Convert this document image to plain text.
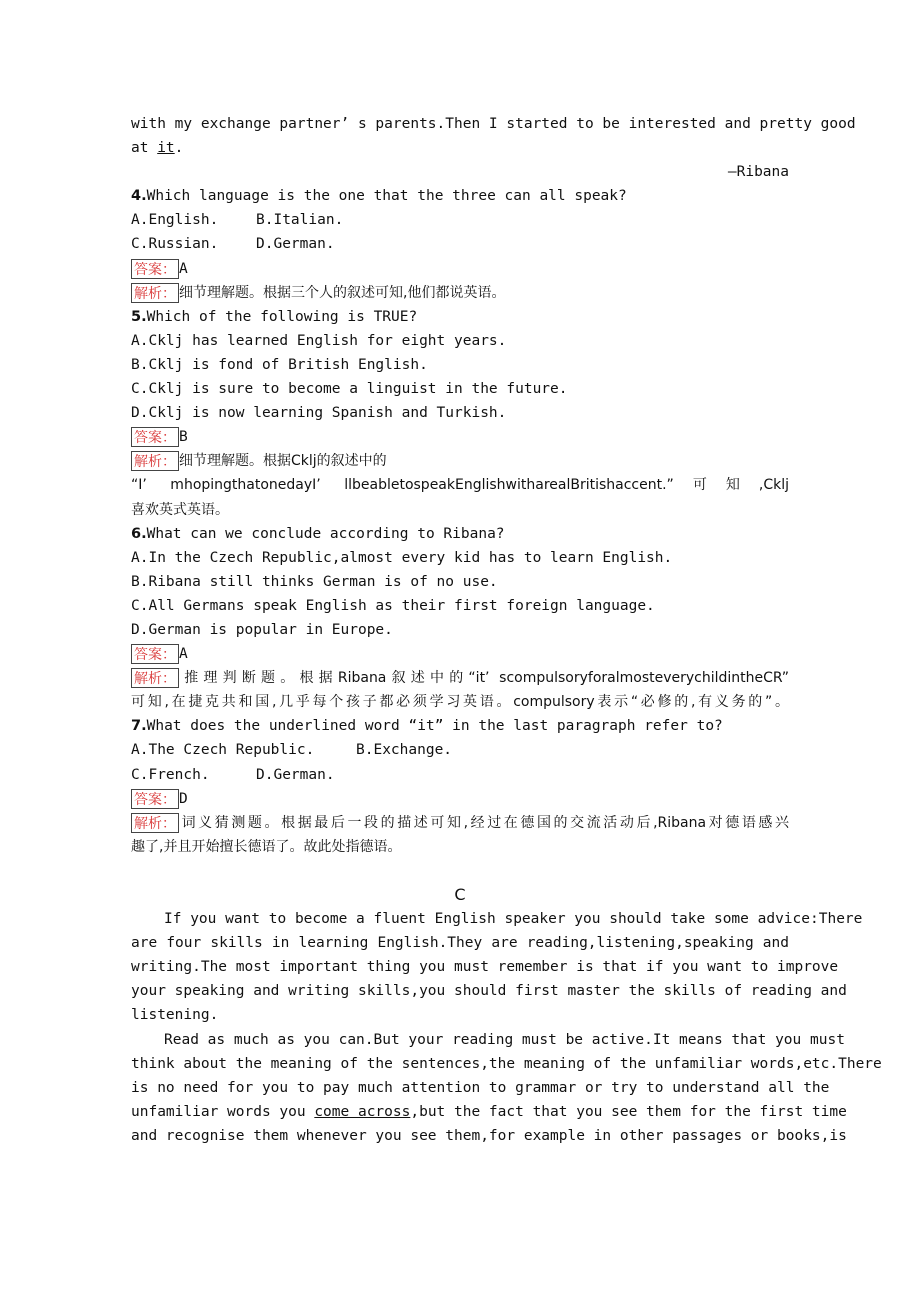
with my exchange partner’ s parents.Then I started to be interested and pretty good
at it.
—Ribana
4.Which language is the one that the three can all speak?
A.English.	B.Italian.
C.Russian.	D.German.
答案： A
解析： 细节理解题。根据三个人的叙述可知,他们都说英语。
5.Which of the following is TRUE?
A.Cklj has learned English for eight years.
B.Cklj is fond of British English.
C.Cklj is sure to become a linguist in the future.
D.Cklj is now learning Spanish and Turkish.
答案： B
解析： 细节理解题。根据Cklj的叙述中的
“I’ mhopingthatonedayI’ llbeabletospeakEnglishwitharealBritishaccent.”可知,Cklj
喜欢英式英语。
6.What can we conclude according to Ribana?
A.In the Czech Republic,almost every kid has to learn English.
B.Ribana still thinks German is of no use.
C.All Germans speak English as their first foreign language.
D.German is popular in Europe.
答案： A
解析： 推理判断题。根据Ribana叙述中的“it’ scompulsoryforalmosteverychildintheCR”
可知,在捷克共和国,几乎每个孩子都必须学习英语。compulsory表示“必修的,有义务的”。
7.What does the underlined word “it” in the last paragraph refer to?
A.The Czech Republic.	B.Exchange.
C.French.	D.German.
答案： D
解析： 词义猜测题。根据最后一段的描述可知,经过在德国的交流活动后,Ribana对德语感兴
趣了,并且开始擅长德语了。故此处指德语。
C
If you want to become a fluent English speaker you should take some advice:There
are four skills in learning English.They are reading,listening,speaking and
writing.The most important thing you must remember is that if you want to improve
your speaking and writing skills,you should first master the skills of reading and
listening.
Read as much as you can.But your reading must be active.It means that you must
think about the meaning of the sentences,the meaning of the unfamiliar words,etc.There
is no need for you to pay much attention to grammar or try to understand all the
unfamiliar words you come across,but the fact that you see them for the first time
and recognise them whenever you see them,for example in other passages or books,is
